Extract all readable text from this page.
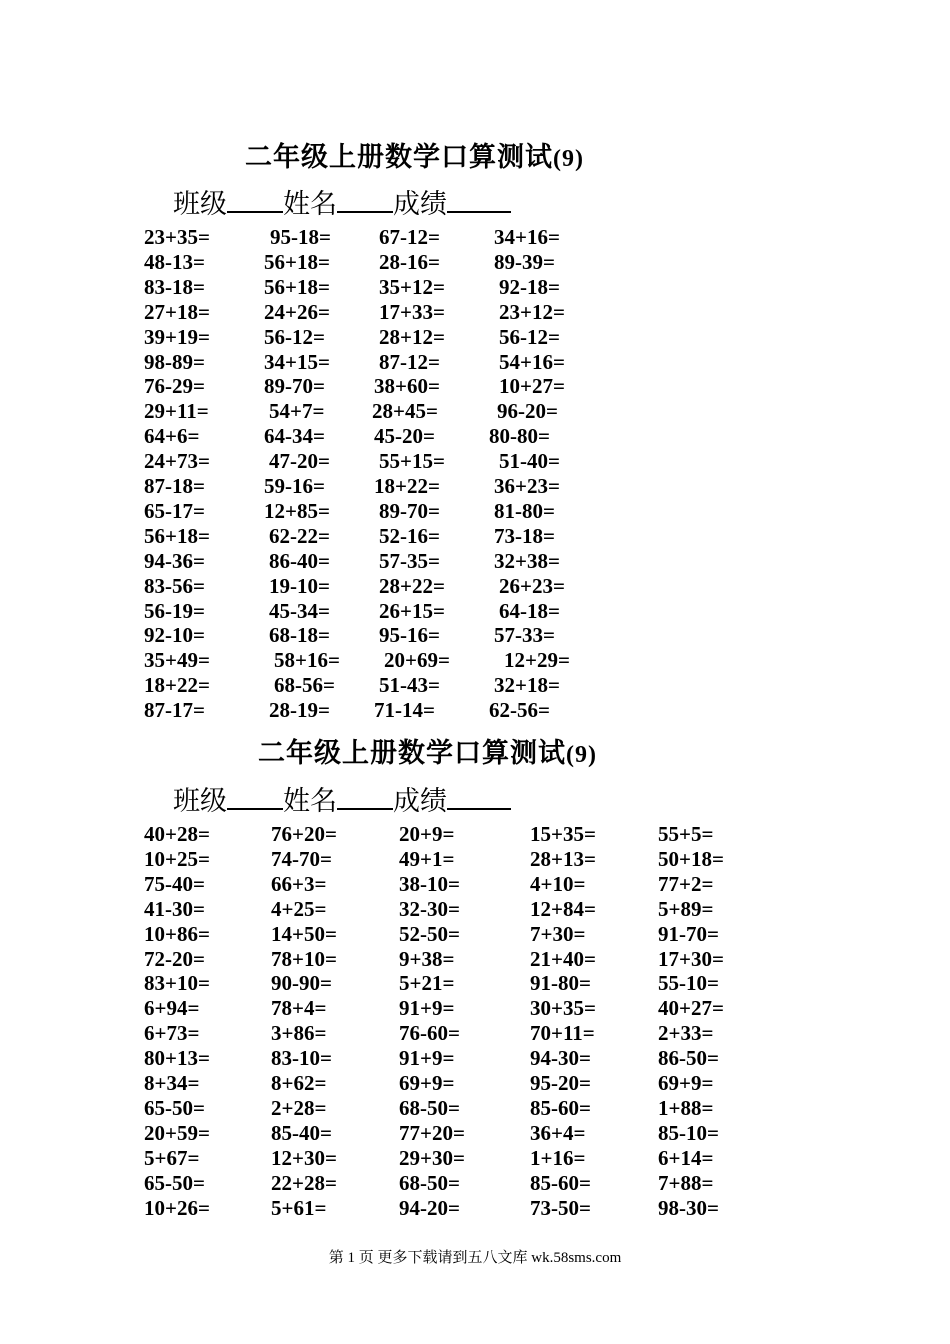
二年级上册数学口算测试(9)
班级 姓名 成绩
23+35=	95-18= 67-12=	34+16=
48-13=	56+18= 28-16=	89-39=
83-18=	56+18= 35+12=	92-18=
27+18=	24+26= 17+33=	23+12=
39+19=	56-12=	28+12=	56-12=
98-89=	34+15= 87-12=	54+16=
76-29=	89-70= 38+60=	10+27=
29+11=	54+7= 28+45=	96-20=
64+6=	64-34= 45-20=	80-80=
24+73=	47-20= 55+15=	51-40=
87-18=	59-16= 18+22=	36+23=
65-17=	12+85= 89-70=	81-80=
56+18=	62-22= 52-16=	73-18=
94-36=	86-40= 57-35=	32+38=
83-56=	19-10= 28+22=	26+23=
56-19=	45-34= 26+15=	64-18=
92-10=	68-18= 95-16=	57-33=
35+49=	58+16= 20+69=	12+29=
18+22=	68-56= 51-43=	32+18=
87-17=	28-19= 71-14=	62-56=
二年级上册数学口算测试(9)
班级 姓名 成绩
40+28=	76+20=	20+9=	15+35=	55+5=
10+25=	74-70=	49+1=	28+13=	50+18=
75-40=	66+3=	38-10=	4+10=	77+2=
41-30=	4+25=	32-30=	12+84=	5+89=
10+86=	14+50=	52-50=	7+30=	91-70=
72-20=	78+10=	9+38=	21+40=	17+30=
83+10=	90-90=	5+21=	91-80=	55-10=
6+94=	78+4=	91+9=	30+35=	40+27=
6+73=	3+86=	76-60=	70+11=	2+33=
80+13=	83-10=	91+9=	94-30=	86-50=
8+34=	8+62=	69+9=	95-20=	69+9=
65-50=	2+28=	68-50=	85-60=	1+88=
20+59=	85-40=	77+20=	36+4=	85-10=
5+67=	12+30=	29+30=	1+16=	6+14=
65-50=	22+28=	68-50=	85-60=	7+88=
10+26=	5+61=	94-20=	73-50=	98-30=
第 1 页 更多下载请到五八文库 wk.58sms.com
